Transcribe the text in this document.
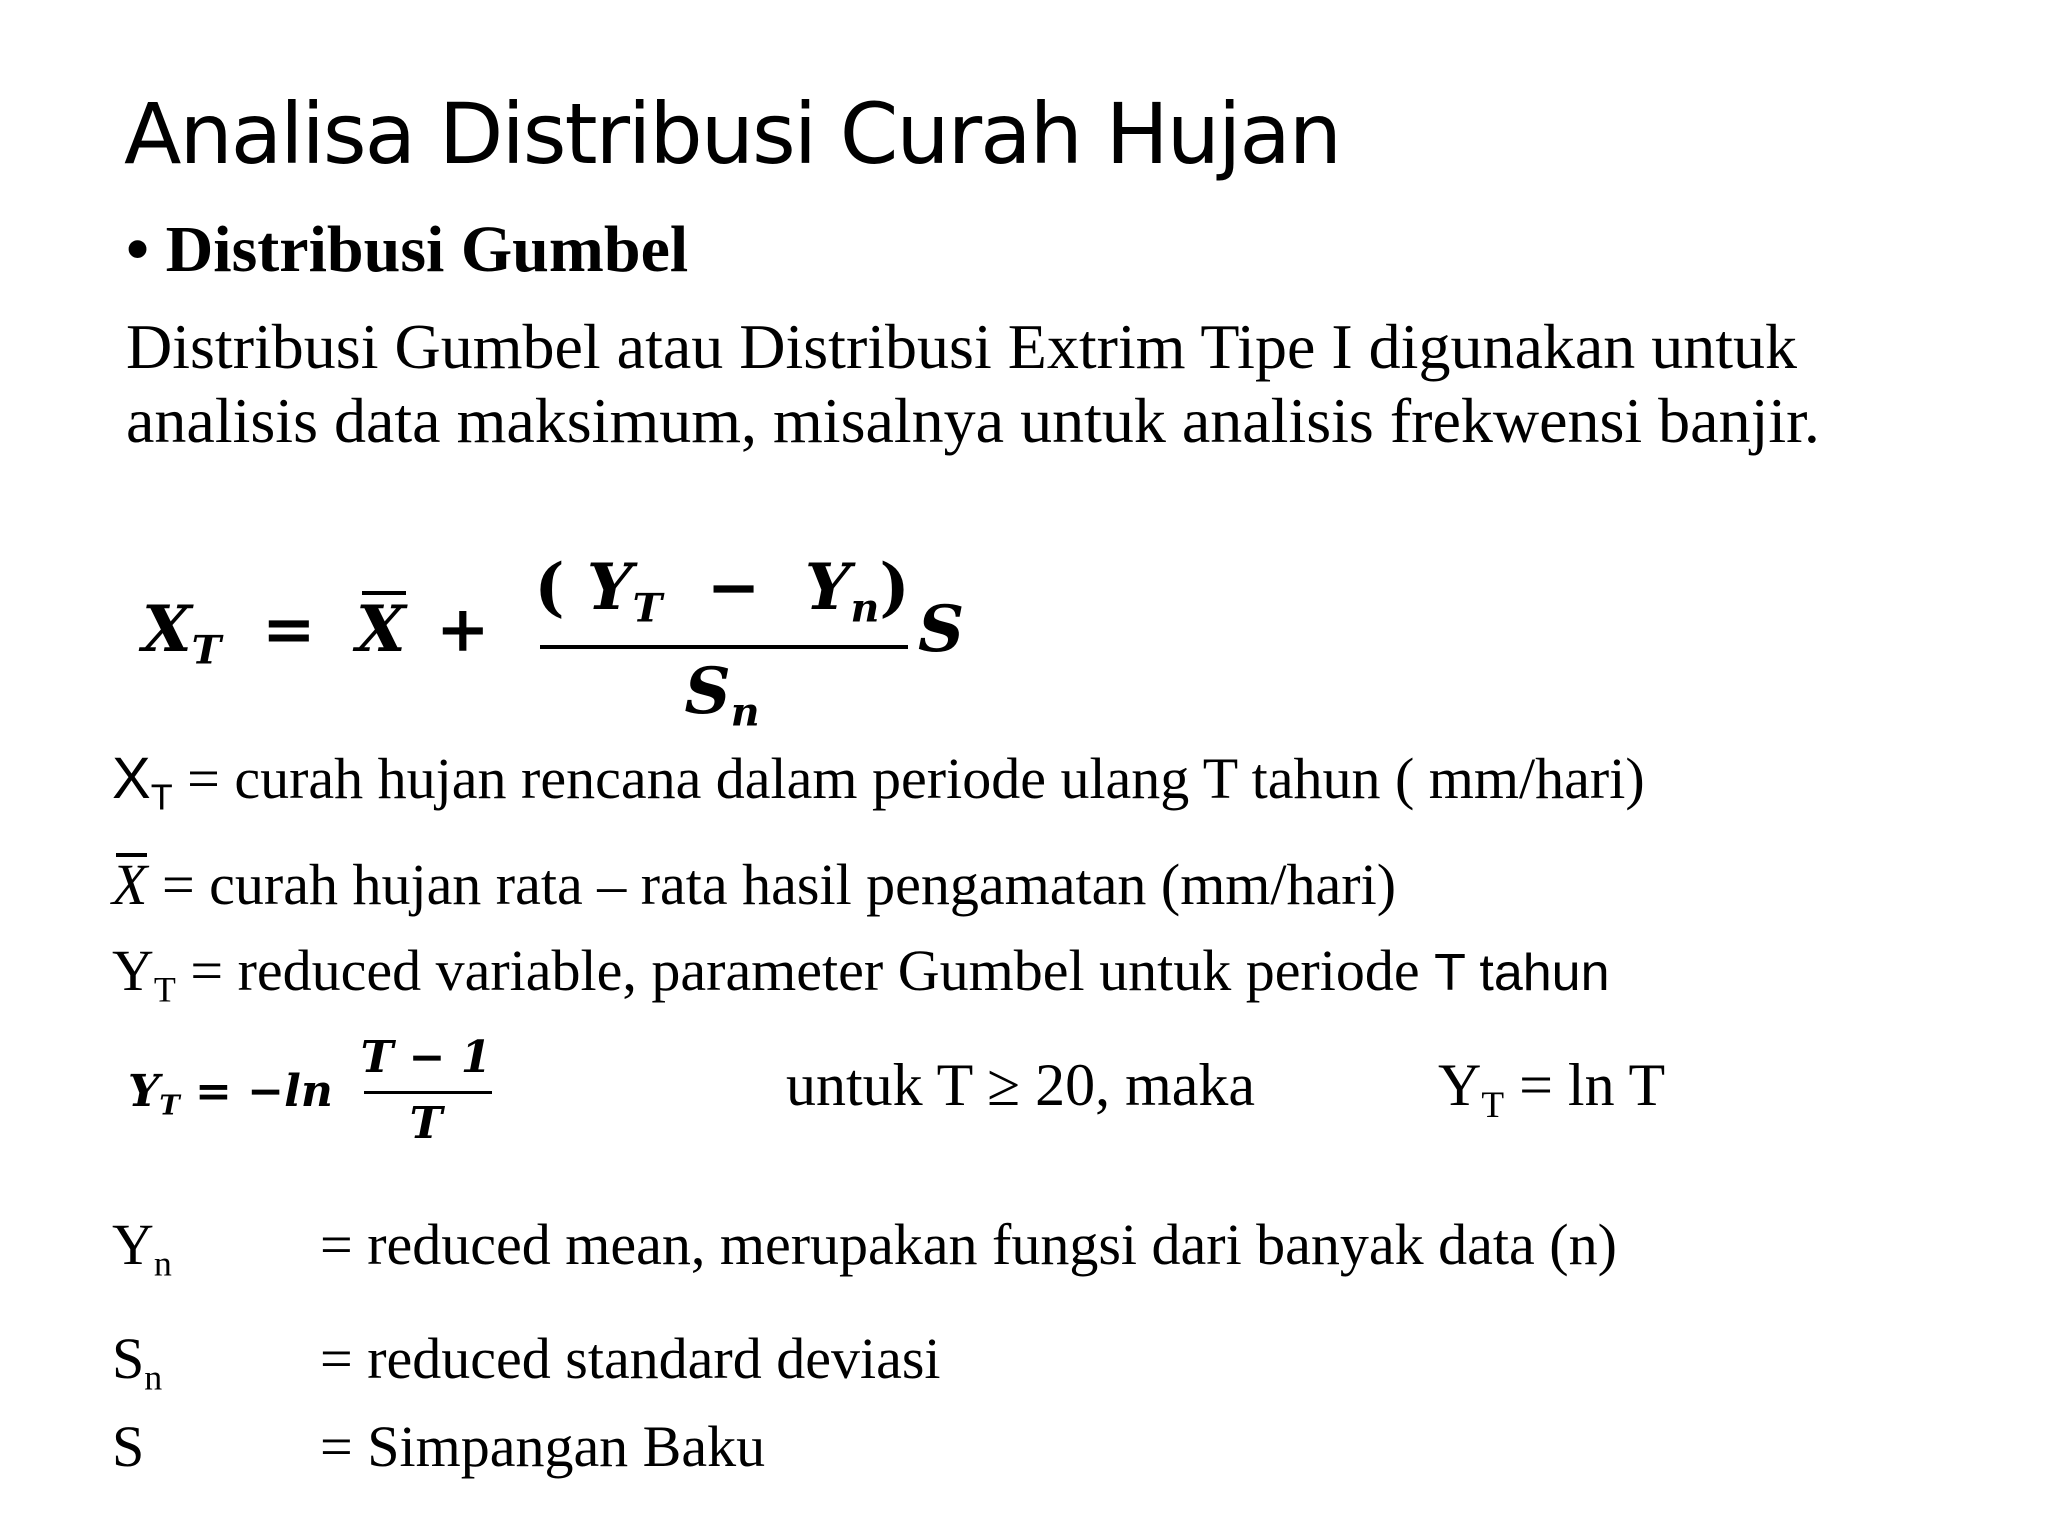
Analisa Distribusi Curah Hujan
• Distribusi Gumbel
Distribusi Gumbel atau Distribusi Extrim Tipe I digunakan untuk analisis data maksimum, misalnya untuk analisis frekwensi banjir.
$X_T = X$ +
( $Y_T - Y_n$)
$S_n$
S
$X_T$ = curah hujan rencana dalam periode ulang T tahun ( mm/hari)
X = curah hujan rata – rata hasil pengamatan (mm/hari)
$Y_T$ = reduced variable, parameter Gumbel untuk periode T tahun
$Y_T = -\ln$
T − 1
T
untuk T ≥ 20, maka	$Y_T = \ln T$
$Y_n$	= reduced mean, merupakan fungsi dari banyak data (n)
$S_n$	= reduced standard deviasi
S	= Simpangan Baku
